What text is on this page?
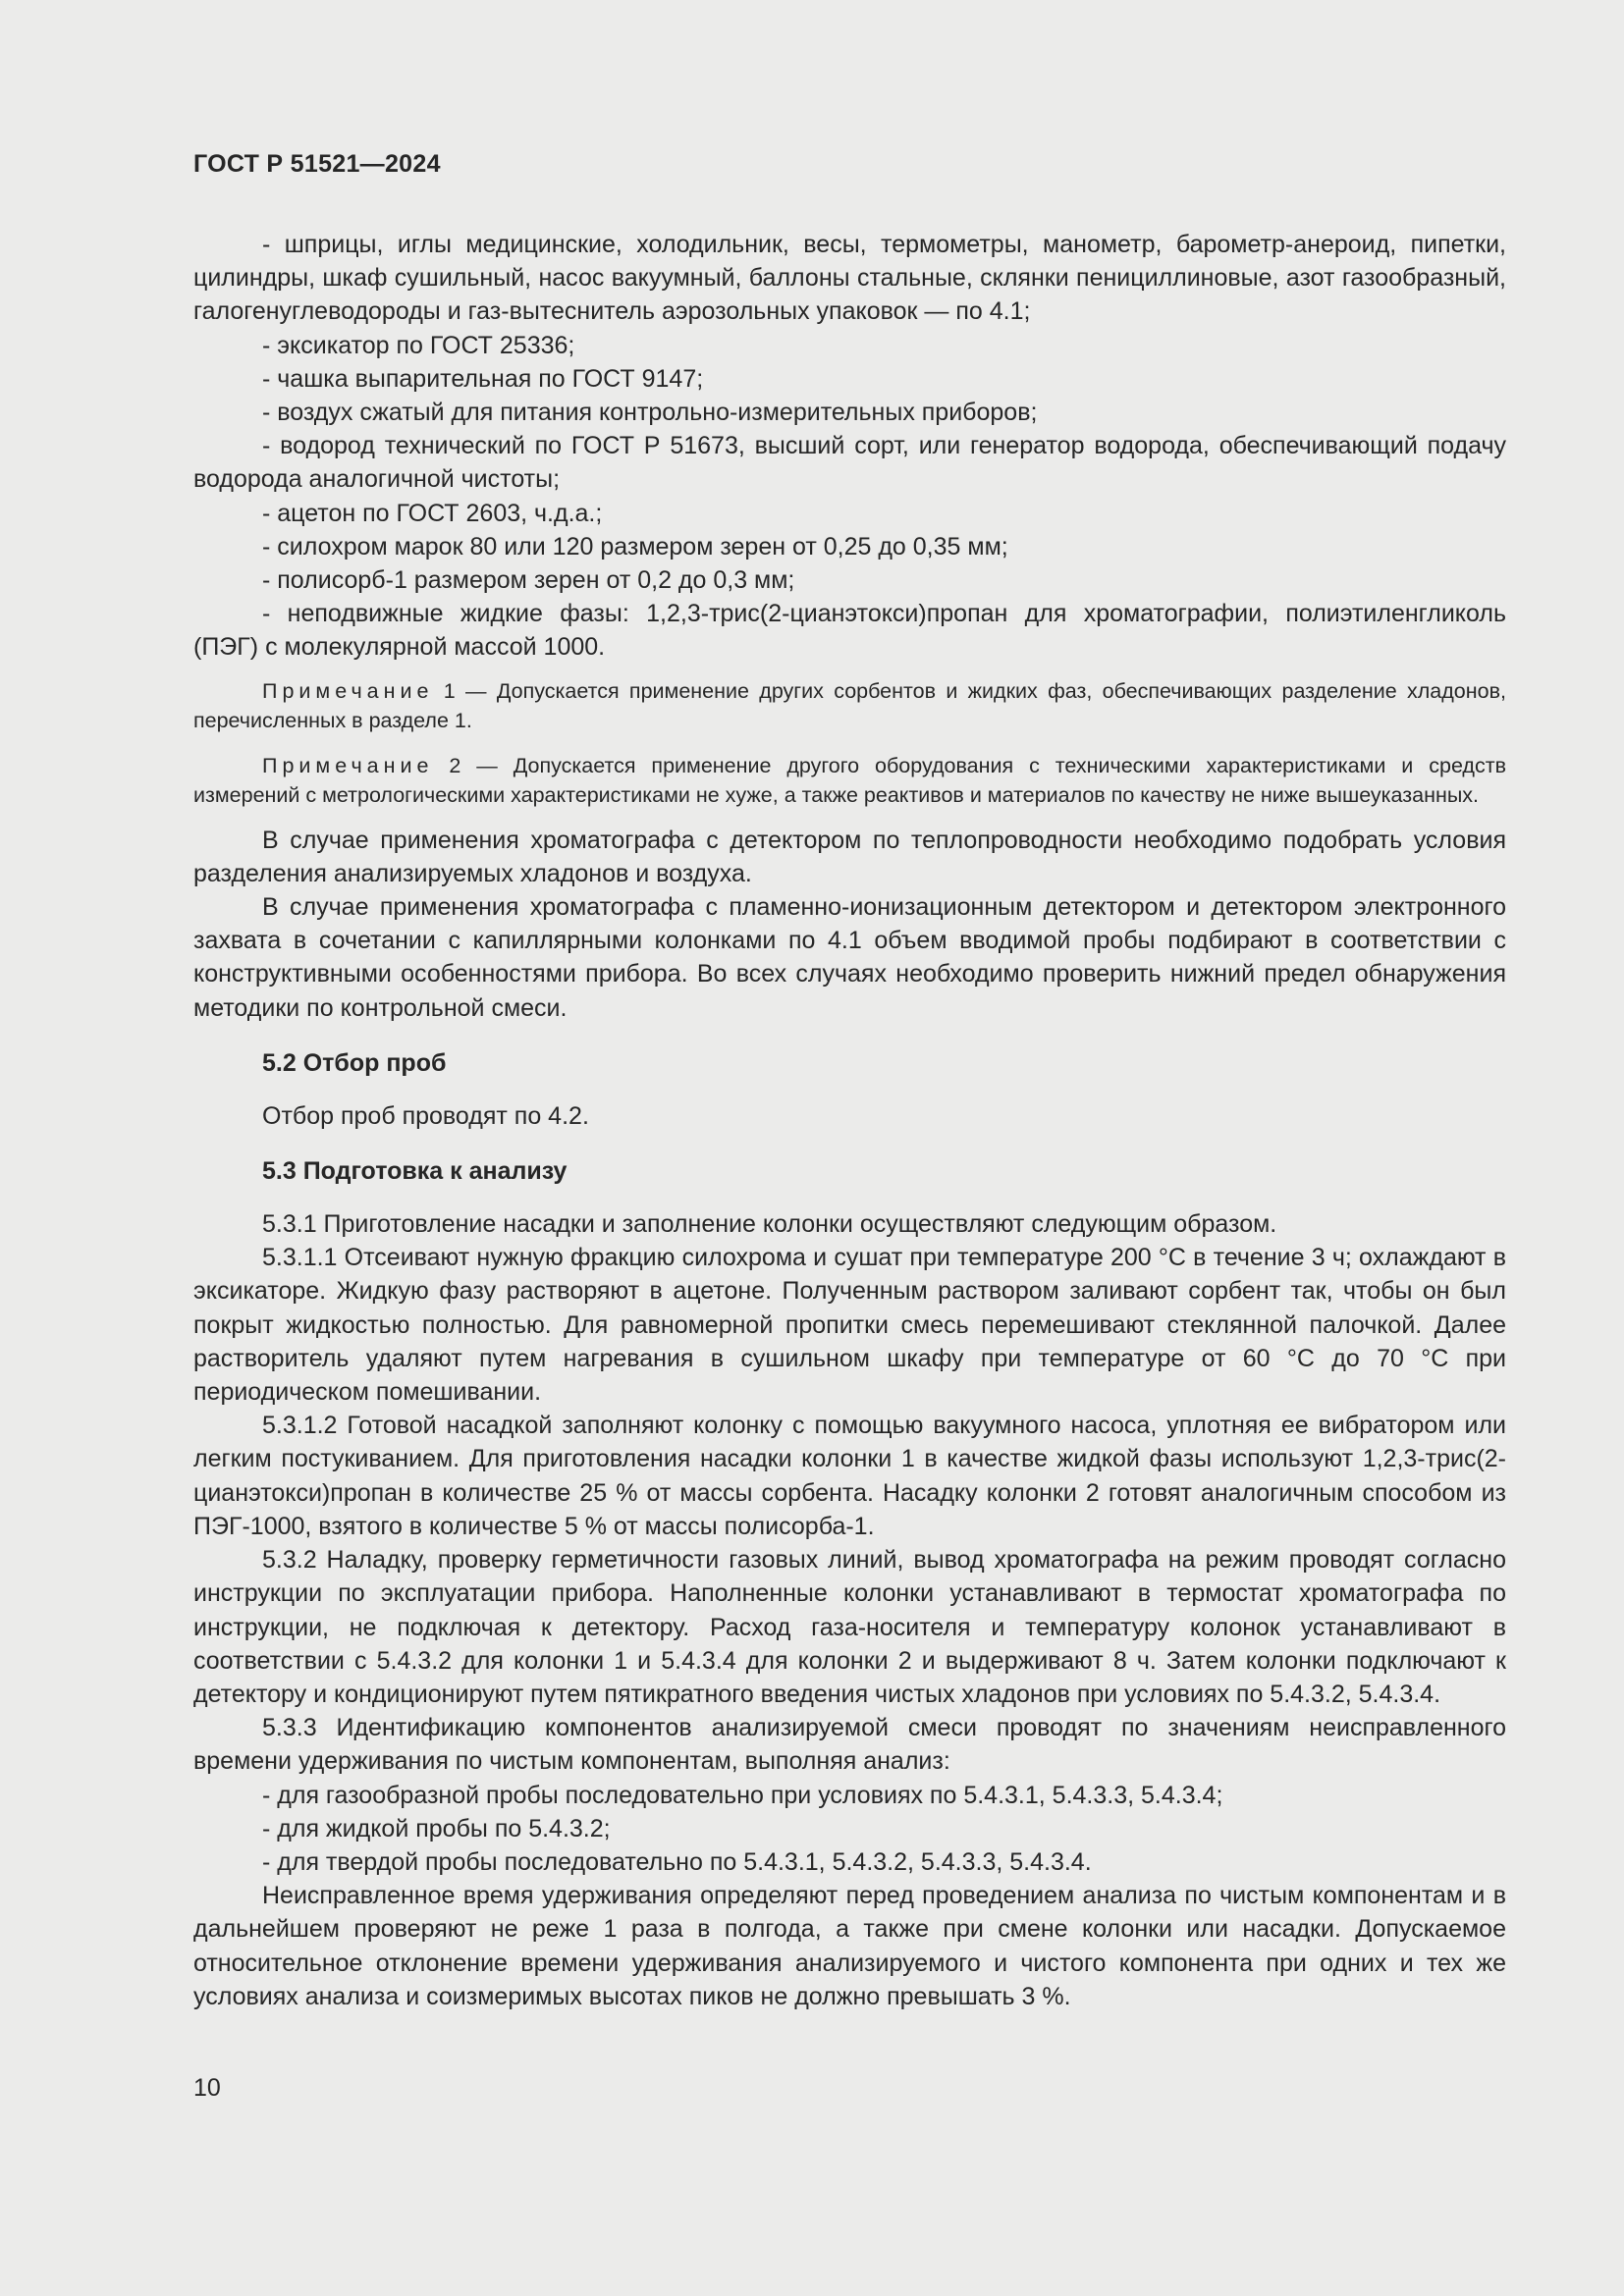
ГОСТ Р 51521—2024

- шприцы, иглы медицинские, холодильник, весы, термометры, манометр, барометр-анероид, пипетки, цилиндры, шкаф сушильный, насос вакуумный, баллоны стальные, склянки пенициллиновые, азот газообразный, галогенуглеводороды и газ-вытеснитель аэрозольных упаковок — по 4.1;

- эксикатор по ГОСТ 25336;

- чашка выпарительная по ГОСТ 9147;

- воздух сжатый для питания контрольно-измерительных приборов;

- водород технический по ГОСТ Р 51673, высший сорт, или генератор водорода, обеспечивающий подачу водорода аналогичной чистоты;

- ацетон по ГОСТ 2603, ч.д.а.;

- силохром марок 80 или 120 размером зерен от 0,25 до 0,35 мм;

- полисорб-1 размером зерен от 0,2 до 0,3 мм;

- неподвижные жидкие фазы: 1,2,3-трис(2-цианэтокси)пропан для хроматографии, полиэтиленгликоль (ПЭГ) с молекулярной массой 1000.

Примечание 1 — Допускается применение других сорбентов и жидких фаз, обеспечивающих разделение хладонов, перечисленных в разделе 1.

Примечание 2 — Допускается применение другого оборудования с техническими характеристиками и средств измерений с метрологическими характеристиками не хуже, а также реактивов и материалов по качеству не ниже вышеуказанных.

В случае применения хроматографа с детектором по теплопроводности необходимо подобрать условия разделения анализируемых хладонов и воздуха.

В случае применения хроматографа с пламенно-ионизационным детектором и детектором электронного захвата в сочетании с капиллярными колонками по 4.1 объем вводимой пробы подбирают в соответствии с конструктивными особенностями прибора. Во всех случаях необходимо проверить нижний предел обнаружения методики по контрольной смеси.

5.2 Отбор проб

Отбор проб проводят по 4.2.

5.3 Подготовка к анализу

5.3.1 Приготовление насадки и заполнение колонки осуществляют следующим образом.

5.3.1.1 Отсеивают нужную фракцию силохрома и сушат при температуре 200 °С в течение 3 ч; охлаждают в эксикаторе. Жидкую фазу растворяют в ацетоне. Полученным раствором заливают сорбент так, чтобы он был покрыт жидкостью полностью. Для равномерной пропитки смесь перемешивают стеклянной палочкой. Далее растворитель удаляют путем нагревания в сушильном шкафу при температуре от 60 °С до 70 °С при периодическом помешивании.

5.3.1.2 Готовой насадкой заполняют колонку с помощью вакуумного насоса, уплотняя ее вибратором или легким постукиванием. Для приготовления насадки колонки 1 в качестве жидкой фазы используют 1,2,3-трис(2-цианэтокси)пропан в количестве 25 % от массы сорбента. Насадку колонки 2 готовят аналогичным способом из ПЭГ-1000, взятого в количестве 5 % от массы полисорба-1.

5.3.2 Наладку, проверку герметичности газовых линий, вывод хроматографа на режим проводят согласно инструкции по эксплуатации прибора. Наполненные колонки устанавливают в термостат хроматографа по инструкции, не подключая к детектору. Расход газа-носителя и температуру колонок устанавливают в соответствии с 5.4.3.2 для колонки 1 и 5.4.3.4 для колонки 2 и выдерживают 8 ч. Затем колонки подключают к детектору и кондиционируют путем пятикратного введения чистых хладонов при условиях по 5.4.3.2, 5.4.3.4.

5.3.3 Идентификацию компонентов анализируемой смеси проводят по значениям неисправленного времени удерживания по чистым компонентам, выполняя анализ:

- для газообразной пробы последовательно при условиях по 5.4.3.1, 5.4.3.3, 5.4.3.4;

- для жидкой пробы по 5.4.3.2;

- для твердой пробы последовательно по 5.4.3.1, 5.4.3.2, 5.4.3.3, 5.4.3.4.

Неисправленное время удерживания определяют перед проведением анализа по чистым компонентам и в дальнейшем проверяют не реже 1 раза в полгода, а также при смене колонки или насадки. Допускаемое относительное отклонение времени удерживания анализируемого и чистого компонента при одних и тех же условиях анализа и соизмеримых высотах пиков не должно превышать 3 %.

10
